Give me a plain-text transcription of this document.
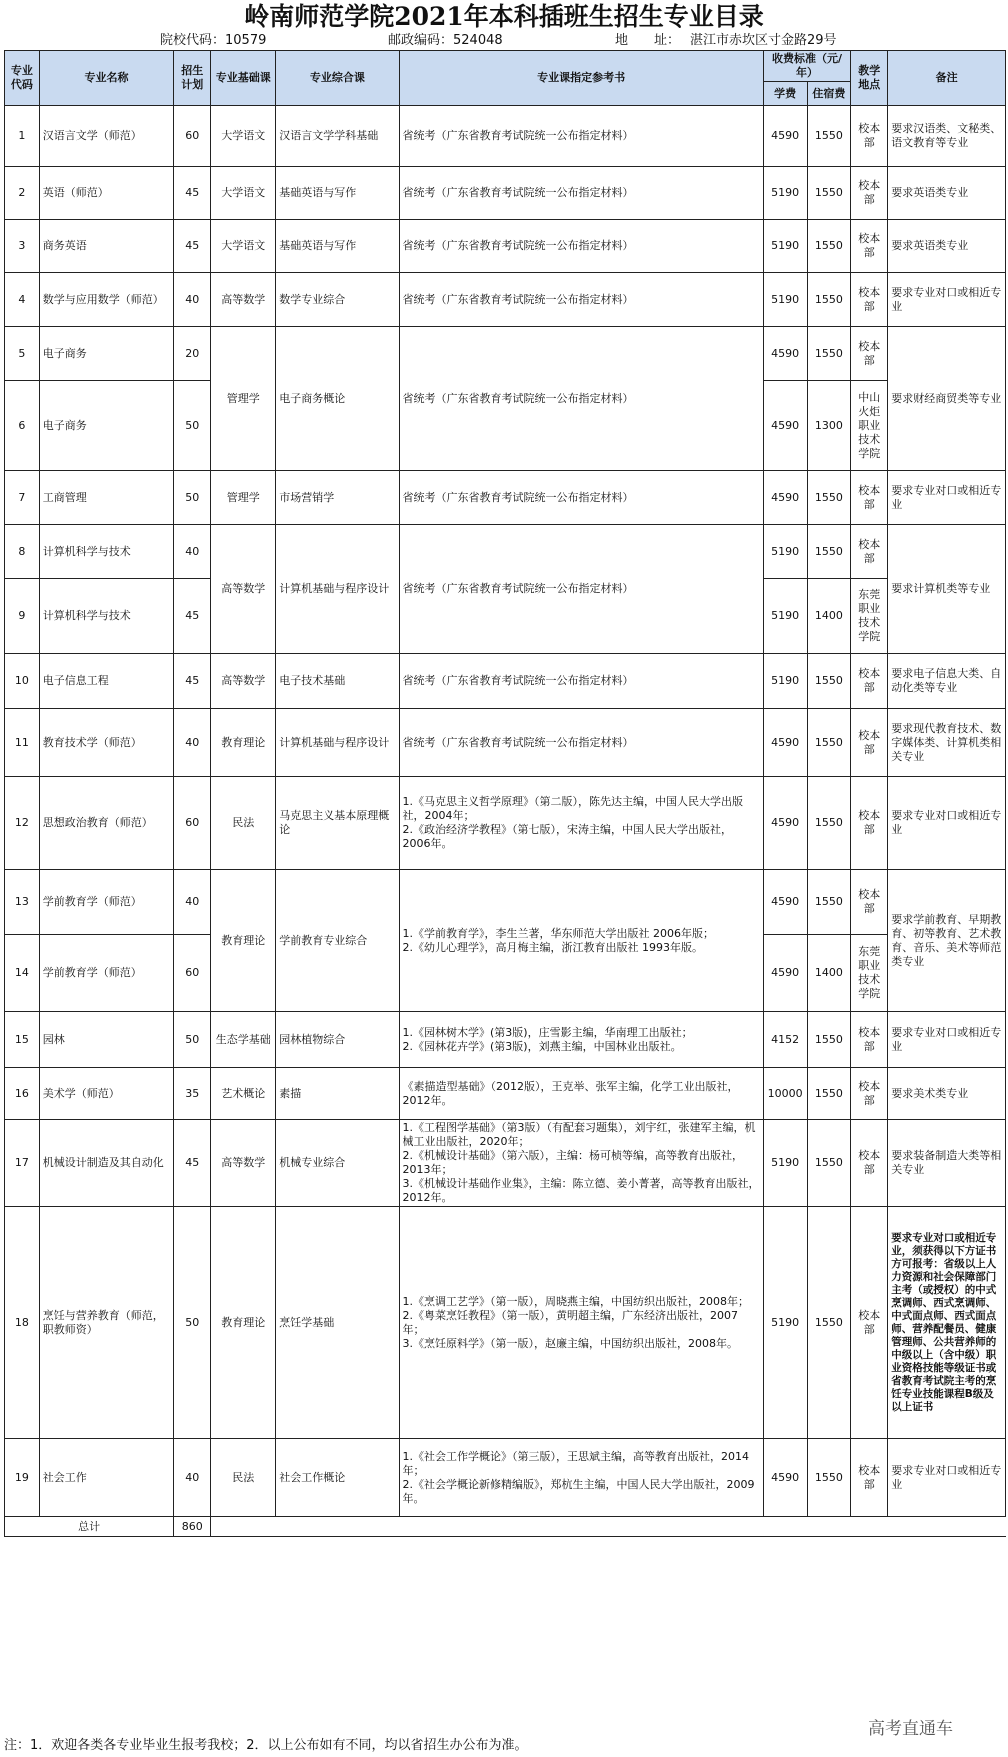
岭南师范学院2021年本科插班生招生专业目录
院校代码：10579	邮政编码：524048	地　　址： 湛江市赤坎区寸金路29号
专业代码	专业名称	招生计划	专业基础课	专业综合课	专业课指定参考书	收费标准（元/年）		教学地点	备注
						学费	住宿费		
1	汉语言文学（师范）	60	大学语文	汉语言文学学科基础	省统考（广东省教育考试院统一公布指定材料）	4590	1550	校本部	要求汉语类、文秘类、语文教育等专业
2	英语（师范）	45	大学语文	基础英语与写作	省统考（广东省教育考试院统一公布指定材料）	5190	1550	校本部	要求英语类专业
3	商务英语	45	大学语文	基础英语与写作	省统考（广东省教育考试院统一公布指定材料）	5190	1550	校本部	要求英语类专业
4	数学与应用数学（师范）	40	高等数学	数学专业综合	省统考（广东省教育考试院统一公布指定材料）	5190	1550	校本部	要求专业对口或相近专业
5	电子商务	20	管理学	电子商务概论	省统考（广东省教育考试院统一公布指定材料）	4590	1550	校本部	要求财经商贸类等专业
6	电子商务	50				4590	1300	中山火炬职业技术学院	
7	工商管理	50	管理学	市场营销学	省统考（广东省教育考试院统一公布指定材料）	4590	1550	校本部	要求专业对口或相近专业
8	计算机科学与技术	40	高等数学	计算机基础与程序设计	省统考（广东省教育考试院统一公布指定材料）	5190	1550	校本部	要求计算机类等专业
9	计算机科学与技术	45				5190	1400	东莞职业技术学院	
10	电子信息工程	45	高等数学	电子技术基础	省统考（广东省教育考试院统一公布指定材料）	5190	1550	校本部	要求电子信息大类、自动化类等专业
11	教育技术学（师范）	40	教育理论	计算机基础与程序设计	省统考（广东省教育考试院统一公布指定材料）	4590	1550	校本部	要求现代教育技术、数字媒体类、计算机类相关专业
12	思想政治教育（师范）	60	民法	马克思主义基本原理概论	1.《马克思主义哲学原理》（第二版），陈先达主编，中国人民大学出版社，2004年；
2.《政治经济学教程》（第七版），宋涛主编，中国人民大学出版社，2006年。	4590	1550	校本部	要求专业对口或相近专业
13	学前教育学（师范）	40	教育理论	学前教育专业综合	1.《学前教育学》，李生兰著，华东师范大学出版社 2006年版；
2.《幼儿心理学》，高月梅主编，浙江教育出版社 1993年版。	4590	1550	校本部	要求学前教育、早期教育、初等教育、艺术教育、音乐、美术等师范类专业
14	学前教育学（师范）	60				4590	1400	东莞职业技术学院	
15	园林	50	生态学基础	园林植物综合	1.《园林树木学》(第3版)，庄雪影主编，华南理工出版社；
2.《园林花卉学》(第3版)，刘燕主编，中国林业出版社。	4152	1550	校本部	要求专业对口或相近专业
16	美术学（师范）	35	艺术概论	素描	《素描造型基础》（2012版），王克举、张军主编，化学工业出版社，2012年。	10000	1550	校本部	要求美术类专业
17	机械设计制造及其自动化	45	高等数学	机械专业综合	1.《工程图学基础》（第3版）（有配套习题集），刘宇红，张建军主编，机械工业出版社，2020年；
2.《机械设计基础》（第六版），主编：杨可桢等编，高等教育出版社，2013年；
3.《机械设计基础作业集》，主编：陈立德、姜小菁著，高等教育出版社，2012年。	5190	1550	校本部	要求装备制造大类等相关专业
18	烹饪与营养教育（师范，职教师资）	50	教育理论	烹饪学基础	1.《烹调工艺学》（第一版），周晓燕主编，中国纺织出版社，2008年；
2.《粤菜烹饪教程》（第一版），黄明超主编，广东经济出版社，2007年；
3.《烹饪原料学》（第一版），赵廉主编，中国纺织出版社，2008年。	5190	1550	校本部	要求专业对口或相近专业，须获得以下方证书方可报考：省级以上人力资源和社会保障部门主考（或授权）的中式烹调师、西式烹调师、中式面点师、西式面点师、营养配餐员、健康管理师、公共营养师的中级以上（含中级）职业资格技能等级证书或省教育考试院主考的烹饪专业技能课程B级及以上证书
19	社会工作	40	民法	社会工作概论	1.《社会工作学概论》（第三版），王思斌主编，高等教育出版社，2014年；
2.《社会学概论新修精编版》，郑杭生主编，中国人民大学出版社，2009年。	4590	1550	校本部	要求专业对口或相近专业
总计		860							
高考直通车
注：1．欢迎各类各专业毕业生报考我校；2．以上公布如有不同，均以省招生办公布为准。
